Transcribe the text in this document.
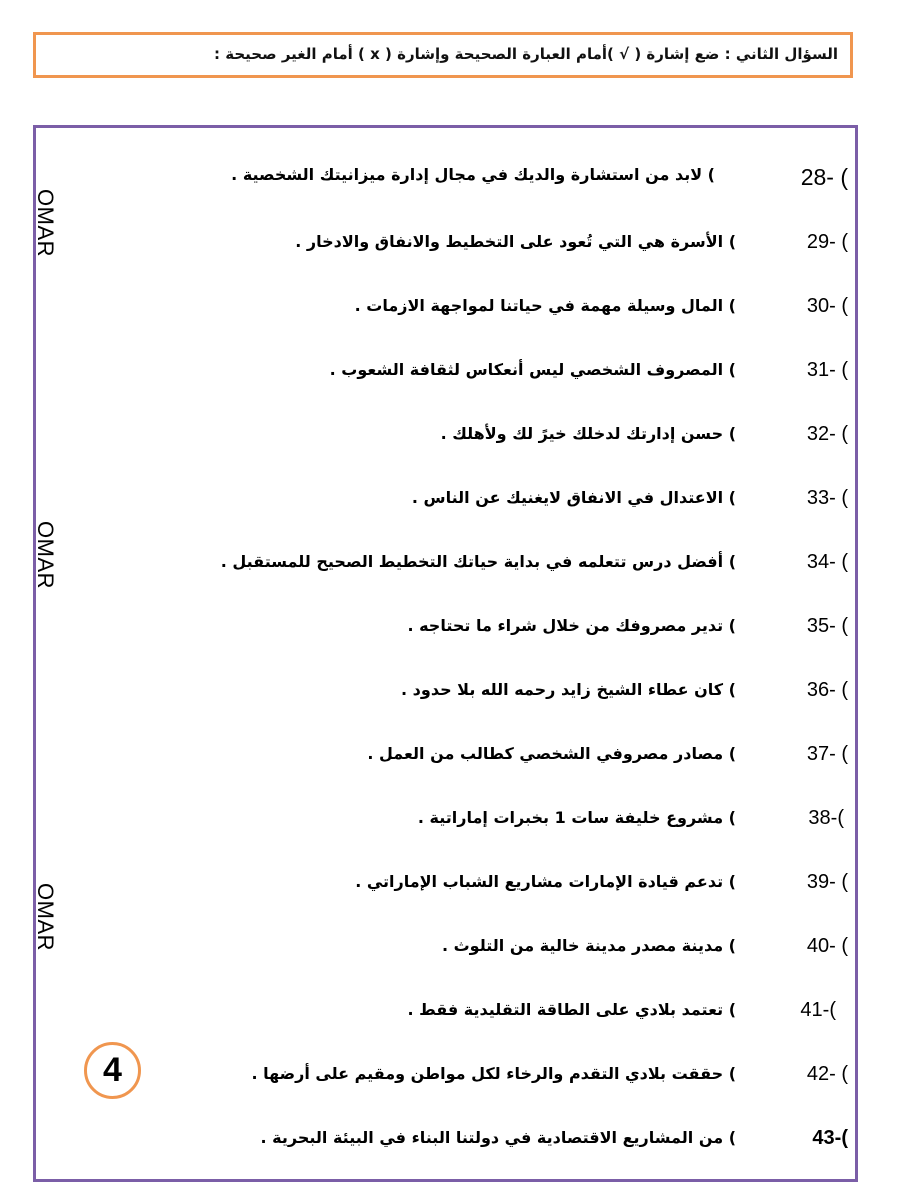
السؤال الثاني : ضع إشارة ( √ )أمام العبارة الصحيحة وإشارة ( x ) أمام الغير صحيحة :
OMAR
OMAR
OMAR
28- (
) لابد من استشارة والديك في مجال إدارة ميزانيتك الشخصية .
29- (
) الأسرة هي التي تُعود على التخطيط والانفاق والادخار .
30- (
) المال وسيلة مهمة في حياتنا لمواجهة الازمات .
31- (
) المصروف الشخصي ليس أنعكاس لثقافة الشعوب .
32- (
) حسن إدارتك لدخلك خيرً لك ولأهلك .
33- (
) الاعتدال في الانفاق لايغنيك عن الناس .
34- (
) أفضل درس تتعلمه في بداية حياتك التخطيط الصحيح للمستقبل .
35- (
) تدير مصروفك من خلال شراء ما تحتاجه .
36- (
) كان عطاء الشيخ زايد رحمه الله بلا حدود .
37- (
) مصادر مصروفي الشخصي كطالب من العمل .
38-(
) مشروع خليفة سات 1 بخبرات إماراتية .
39- (
) تدعم قيادة الإمارات مشاريع الشباب الإماراتي .
40- (
) مدينة مصدر مدينة خالية من التلوث .
41-(
) تعتمد بلادي على الطاقة التقليدية فقط .
42- (
) حققت بلادي التقدم والرخاء لكل مواطن ومقيم على أرضها .
43-(
) من المشاريع الاقتصادية في دولتنا البناء في البيئة البحرية .
4
